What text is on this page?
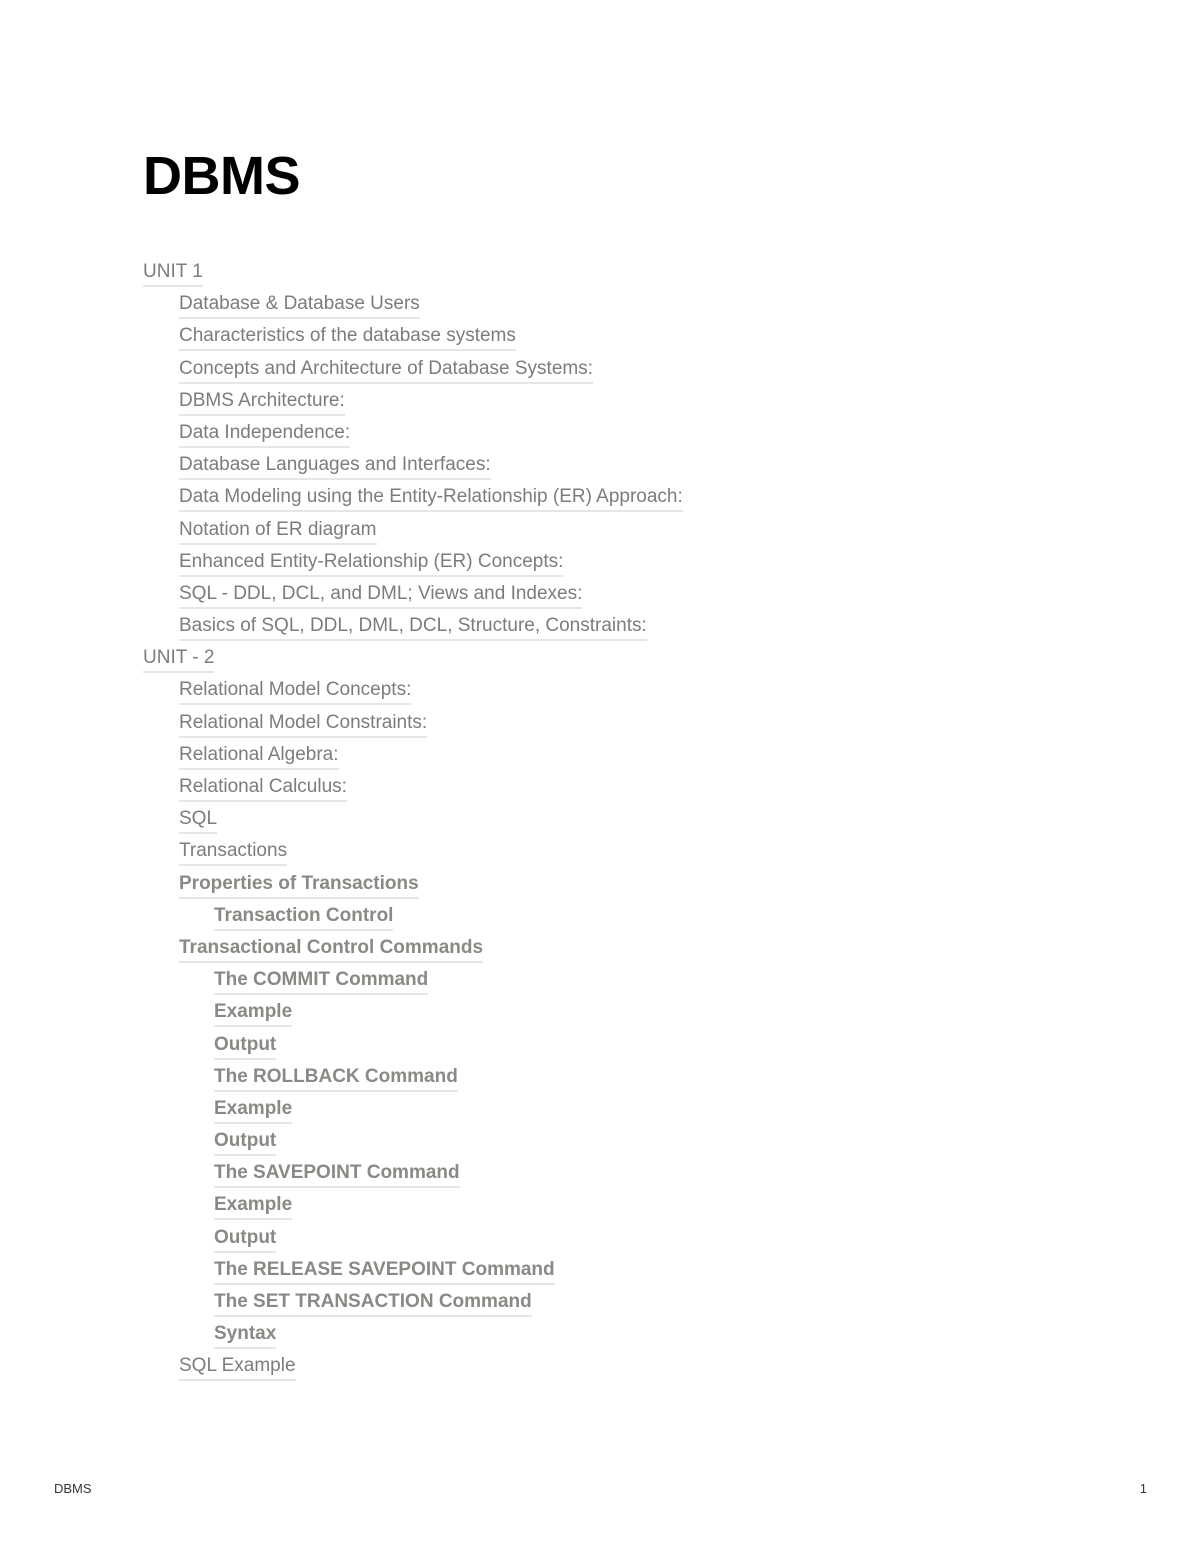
DBMS
UNIT 1
Database & Database Users
Characteristics of the database systems
Concepts and Architecture of Database Systems:
DBMS Architecture:
Data Independence:
Database Languages and Interfaces:
Data Modeling using the Entity-Relationship (ER) Approach:
Notation of ER diagram
Enhanced Entity-Relationship (ER) Concepts:
SQL - DDL, DCL, and DML; Views and Indexes:
Basics of SQL, DDL, DML, DCL, Structure, Constraints:
UNIT - 2
Relational Model Concepts:
Relational Model Constraints:
Relational Algebra:
Relational Calculus:
SQL
Transactions
Properties of Transactions
Transaction Control
Transactional Control Commands
The COMMIT Command
Example
Output
The ROLLBACK Command
Example
Output
The SAVEPOINT Command
Example
Output
The RELEASE SAVEPOINT Command
The SET TRANSACTION Command
Syntax
SQL Example
DBMS	1
